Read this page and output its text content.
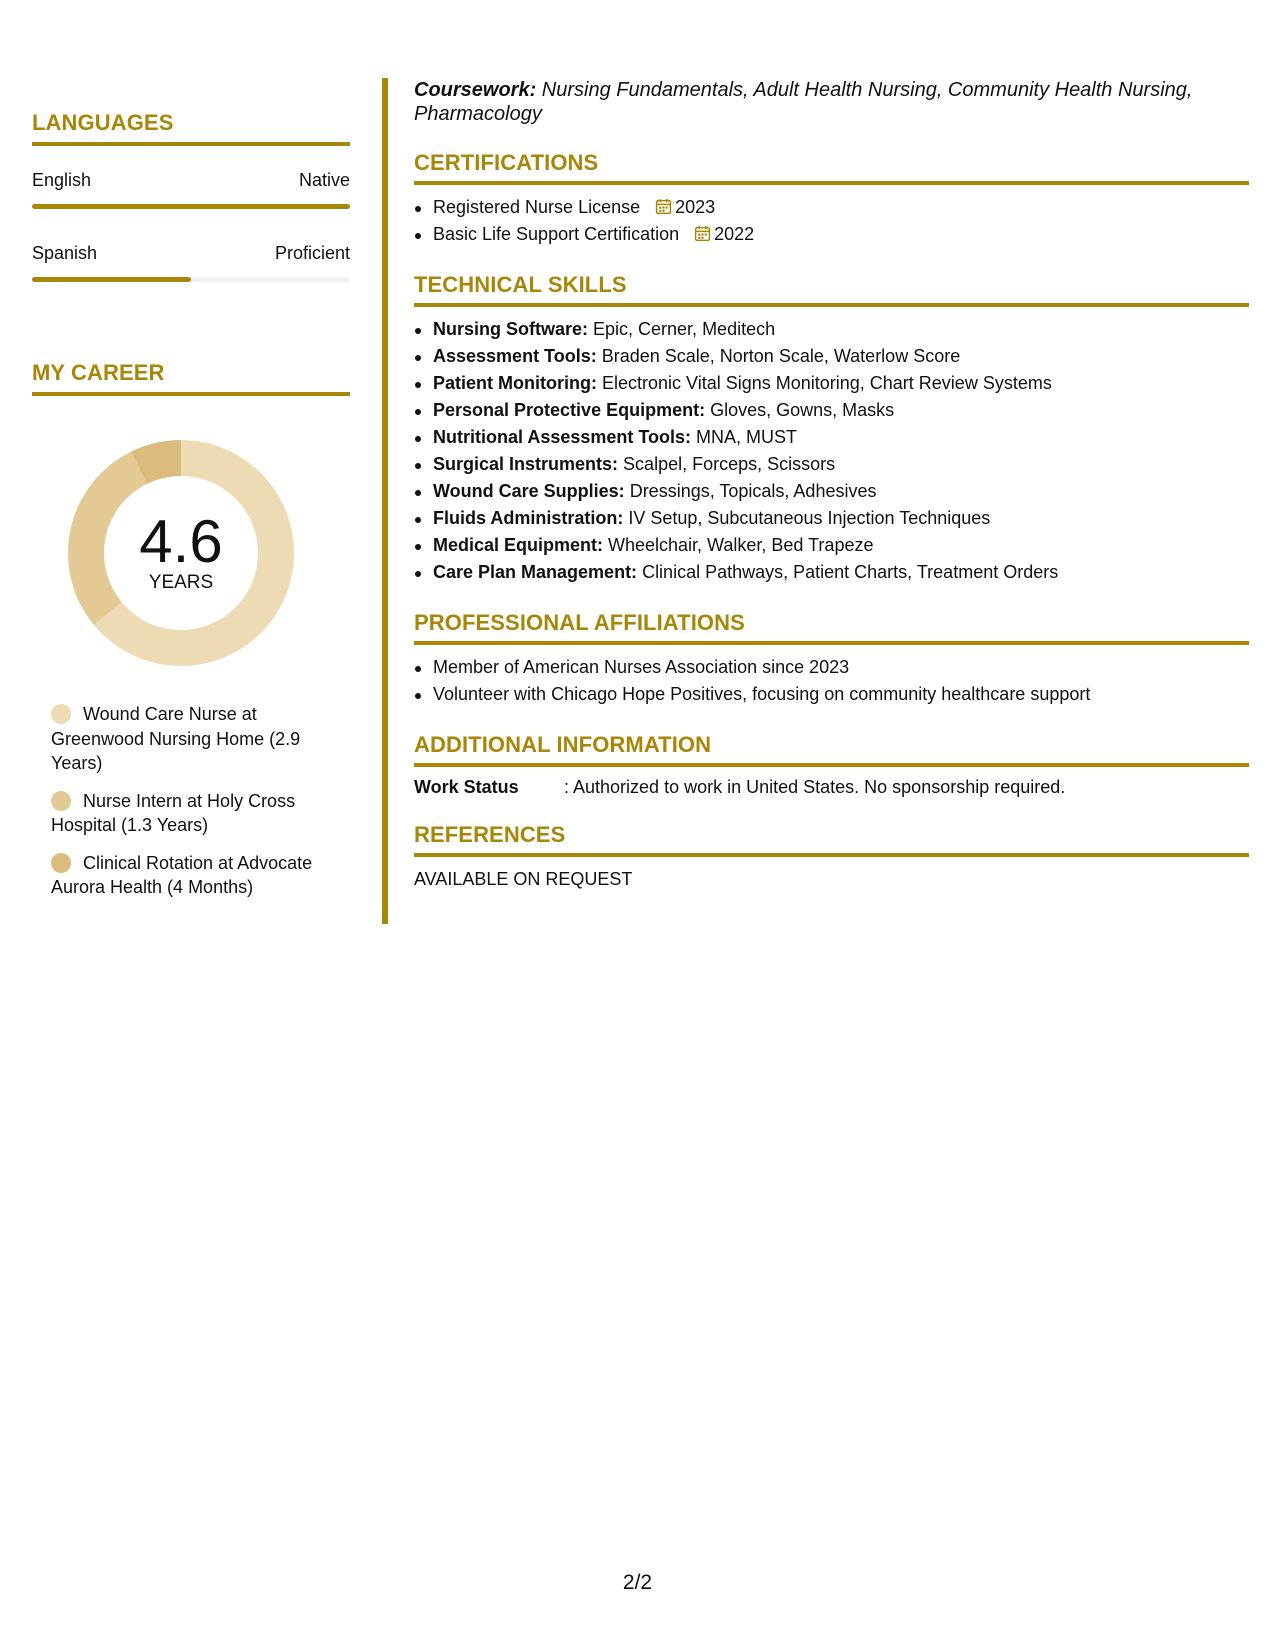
LANGUAGES
English	Native
Spanish	Proficient
MY CAREER
4.6
YEARS
Wound Care Nurse at Greenwood Nursing Home (2.9 Years)
Nurse Intern at Holy Cross Hospital (1.3 Years)
Clinical Rotation at Advocate Aurora Health (4 Months)
Coursework: Nursing Fundamentals, Adult Health Nursing, Community Health Nursing, Pharmacology
CERTIFICATIONS
Registered Nurse License 2023
Basic Life Support Certification 2022
TECHNICAL SKILLS
Nursing Software: Epic, Cerner, Meditech
Assessment Tools: Braden Scale, Norton Scale, Waterlow Score
Patient Monitoring: Electronic Vital Signs Monitoring, Chart Review Systems
Personal Protective Equipment: Gloves, Gowns, Masks
Nutritional Assessment Tools: MNA, MUST
Surgical Instruments: Scalpel, Forceps, Scissors
Wound Care Supplies: Dressings, Topicals, Adhesives
Fluids Administration: IV Setup, Subcutaneous Injection Techniques
Medical Equipment: Wheelchair, Walker, Bed Trapeze
Care Plan Management: Clinical Pathways, Patient Charts, Treatment Orders
PROFESSIONAL AFFILIATIONS
Member of American Nurses Association since 2023
Volunteer with Chicago Hope Positives, focusing on community healthcare support
ADDITIONAL INFORMATION
Work Status	: Authorized to work in United States. No sponsorship required.
REFERENCES
AVAILABLE ON REQUEST
2/2
